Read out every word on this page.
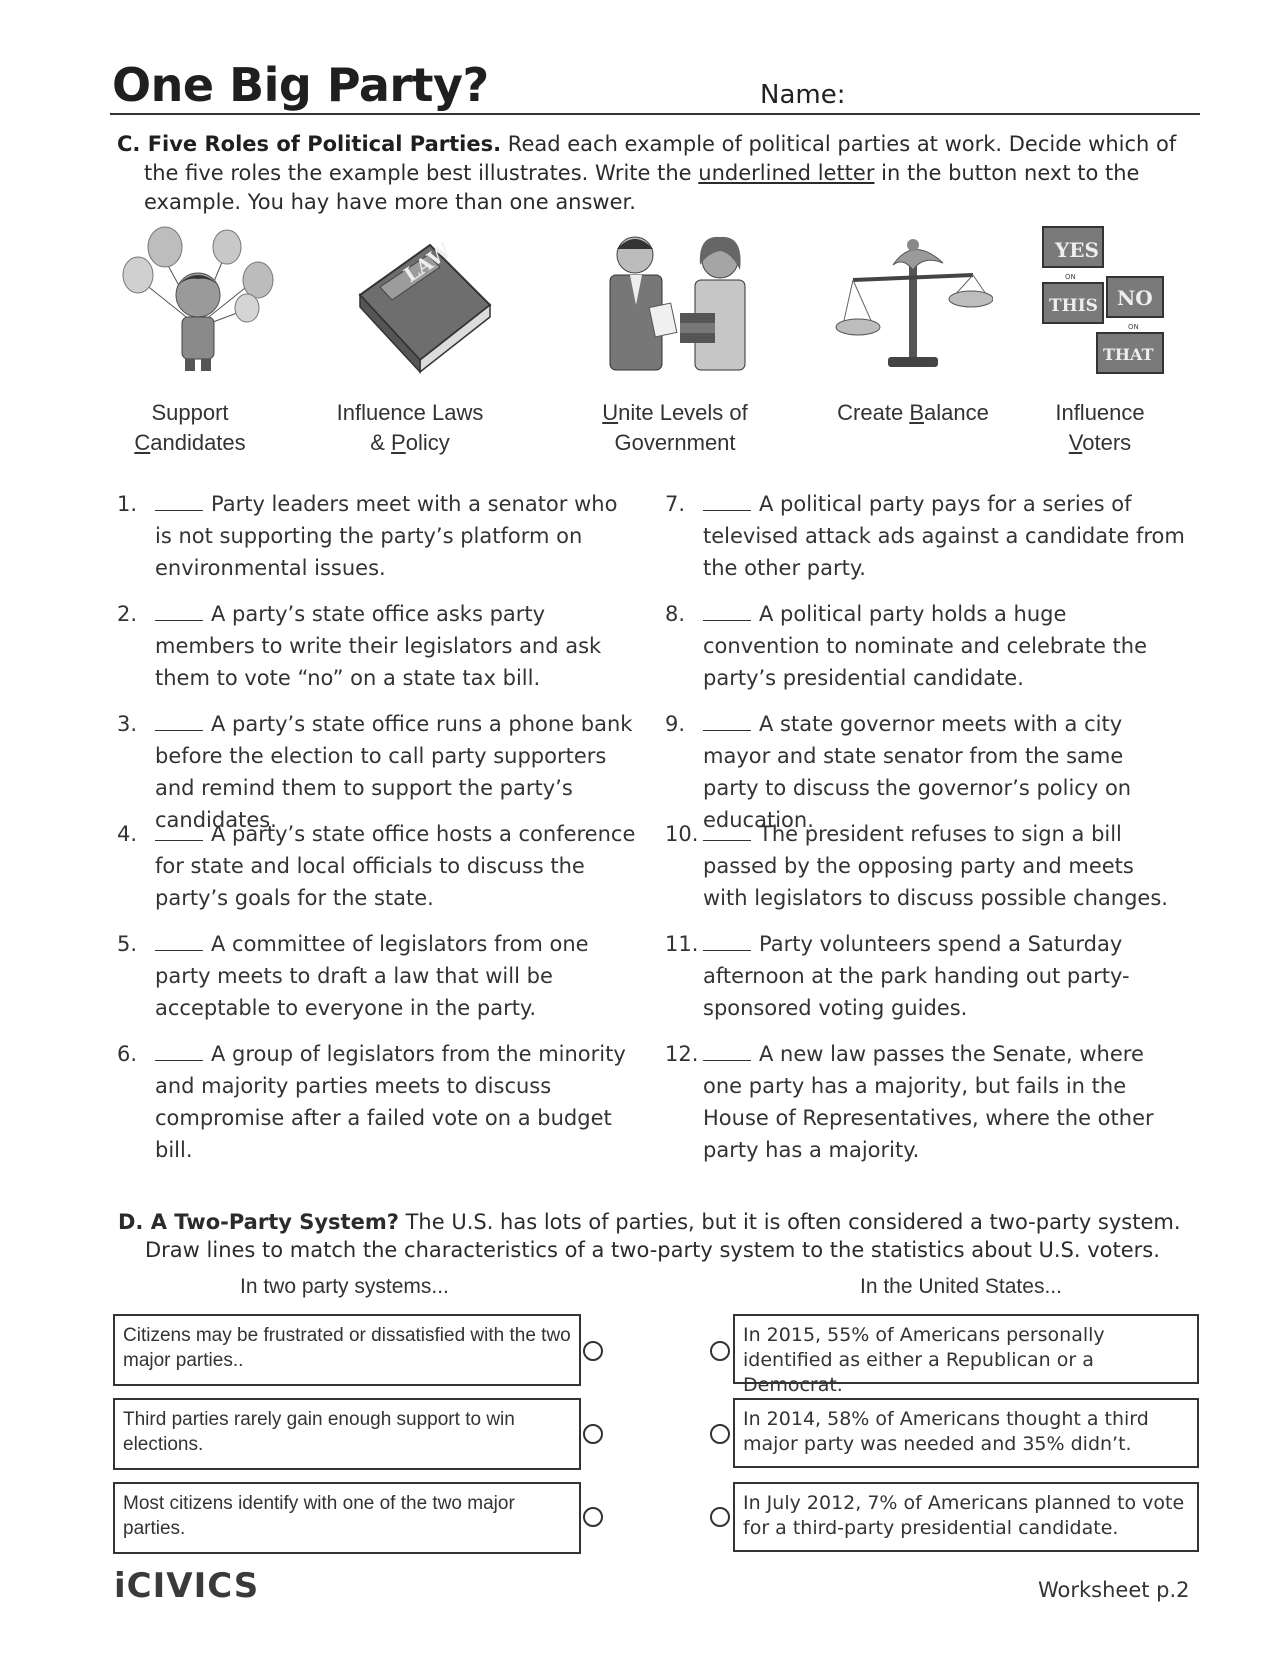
One Big Party?	Name:
C. Five Roles of Political Parties. Read each example of political parties at work. Decide which of the five roles the example best illustrates. Write the underlined letter in the button next to the example. You hay have more than one answer.
LAW	YES
ON
THIS NO
ON
THAT
Support
Candidates
Influence Laws
& Policy
Unite Levels of
Government
Create Balance	Influence
Voters
1.	Party leaders meet with a senator who is not supporting the party’s platform on environmental issues.
2.	A party’s state office asks party members to write their legislators and ask them to vote “no” on a state tax bill.
3.	A party’s state office runs a phone bank before the election to call party supporters and remind them to support the party’s candidates.
4.	A party’s state office hosts a conference for state and local officials to discuss the party’s goals for the state.
5.	A committee of legislators from one party meets to draft a law that will be acceptable to everyone in the party.
6.	A group of legislators from the minority and majority parties meets to discuss compromise after a failed vote on a budget bill.
7.	A political party pays for a series of televised attack ads against a candidate from the other party.
8.	A political party holds a huge convention to nominate and celebrate the party’s presidential candidate.
9.	A state governor meets with a city mayor and state senator from the same party to discuss the governor’s policy on education.
10.	The president refuses to sign a bill passed by the opposing party and meets with legislators to discuss possible changes.
11.	Party volunteers spend a Saturday afternoon at the park handing out party-sponsored voting guides.
12.	A new law passes the Senate, where one party has a majority, but fails in the House of Representatives, where the other party has a majority.
D. A Two-Party System? The U.S. has lots of parties, but it is often considered a two-party system. Draw lines to match the characteristics of a two-party system to the statistics about U.S. voters.
In two party systems...	In the United States...
Citizens may be frustrated or dissatisfied with the two major parties..
Third parties rarely gain enough support to win elections.
Most citizens identify with one of the two major parties.
In 2015, 55% of Americans personally identified as either a Republican or a Democrat.
In 2014, 58% of Americans thought a third major party was needed and 35% didn’t.
In July 2012, 7% of Americans planned to vote for a third-party presidential candidate.
iCIVICS	Worksheet p.2
